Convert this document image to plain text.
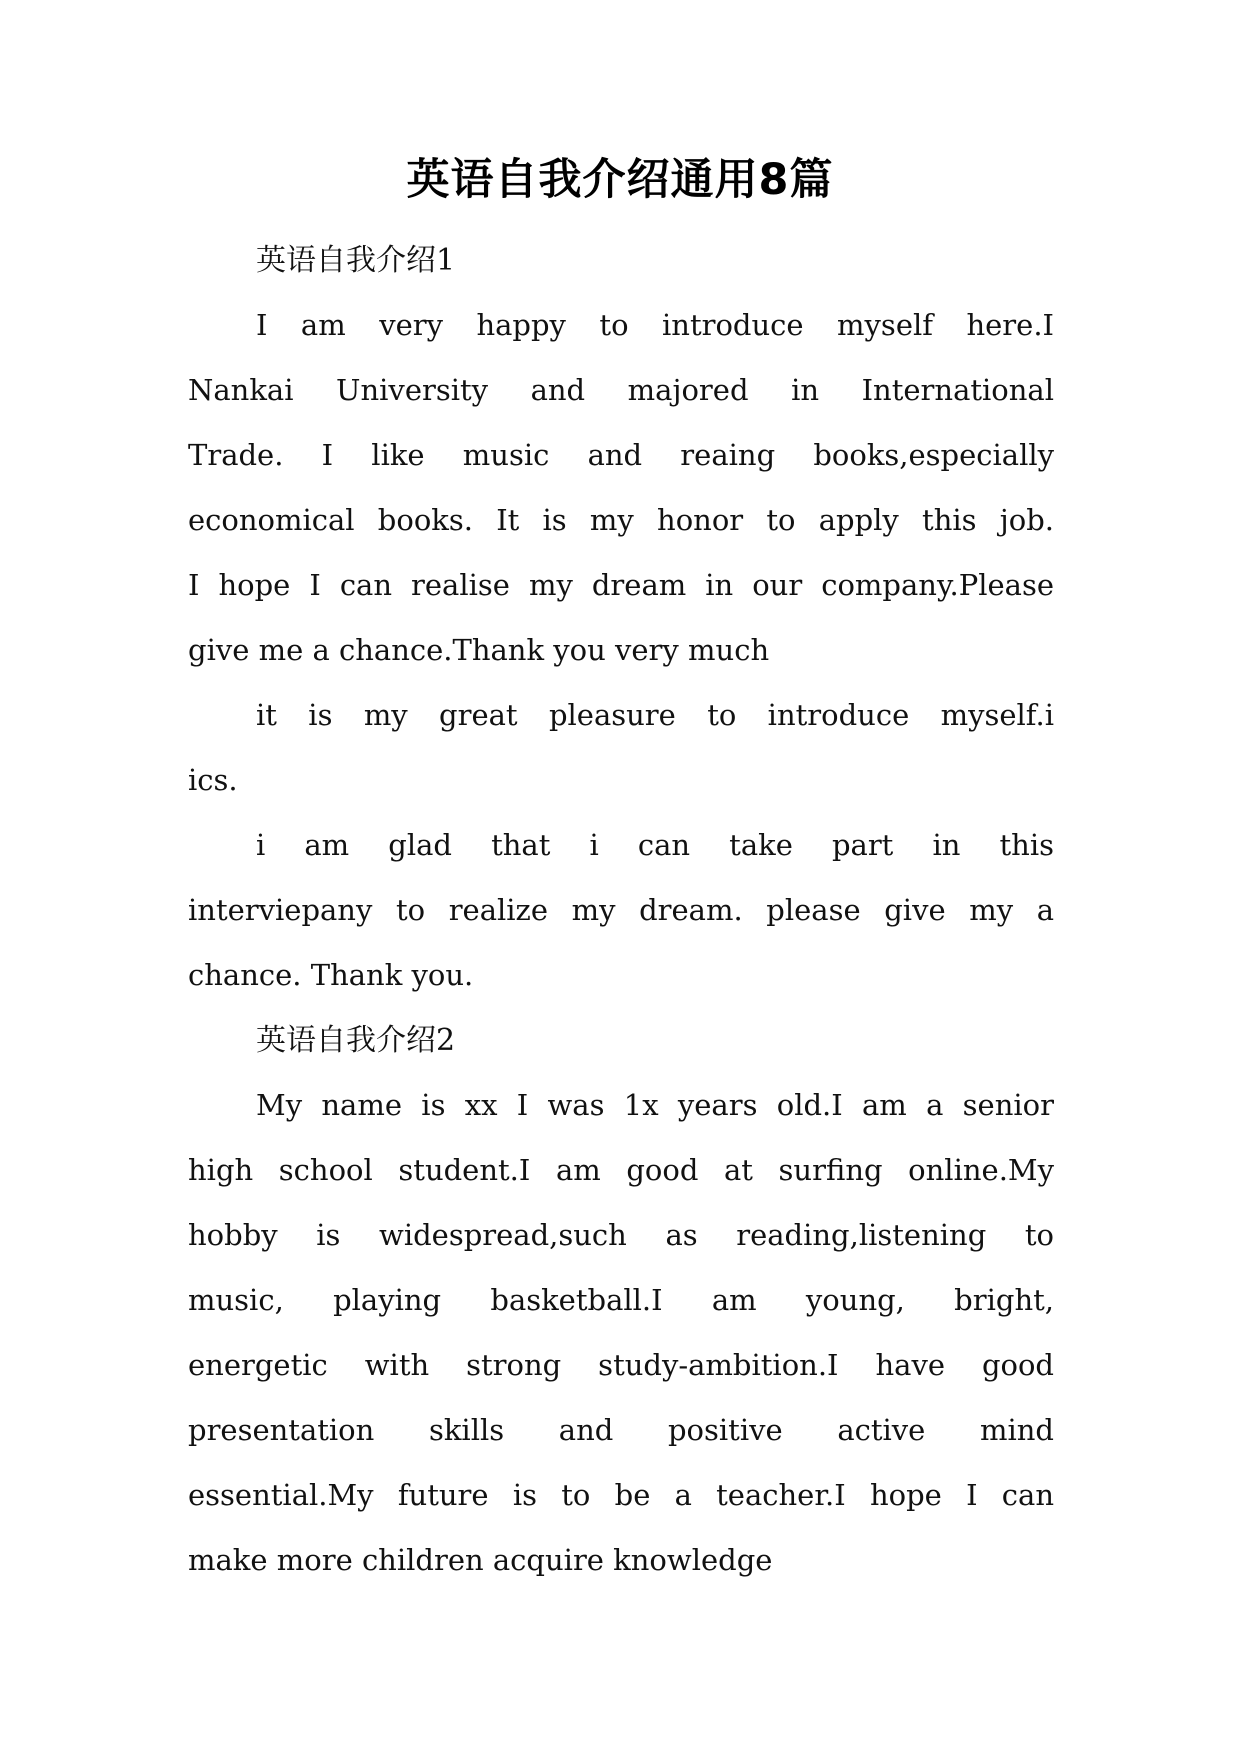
英语自我介绍通用8篇
英语自我介绍1
I am very happy to introduce myself here.I
Nankai University and majored in International
Trade. I like music and reaing books,especially
economical books. It is my honor to apply this job.
I hope I can realise my dream in our company.Please
give me a chance.Thank you very much
it is my great pleasure to introduce myself.i
ics.
i am glad that i can take part in this
interviepany to realize my dream. please give my a
chance. Thank you.
英语自我介绍2
My name is xx I was 1x years old.I am a senior
high school student.I am good at surfing online.My
hobby is widespread,such as reading,listening to
music, playing basketball.I am young, bright,
energetic with strong study-ambition.I have good
presentation skills and positive active mind
essential.My future is to be a teacher.I hope I can
make more children acquire knowledge
